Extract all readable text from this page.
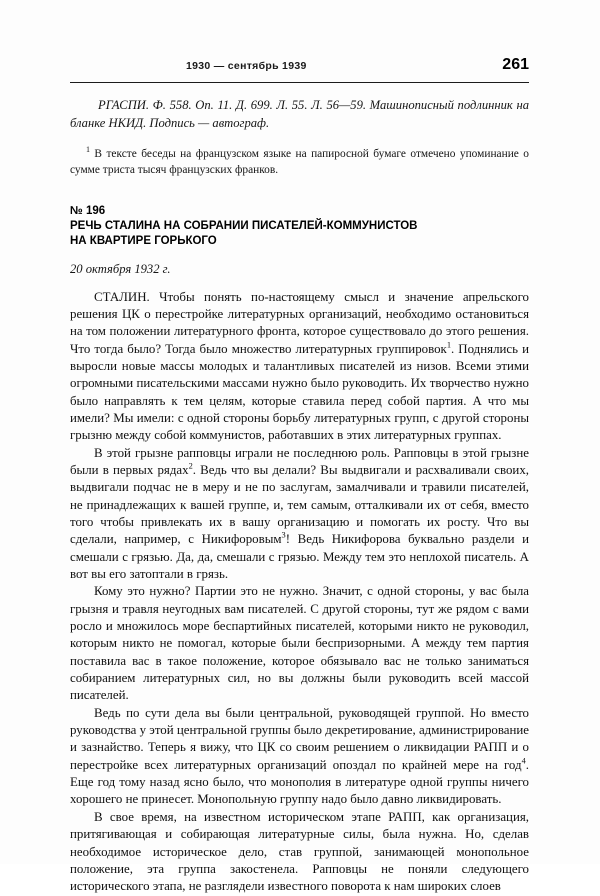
1930 — сентябрь 1939	261

РГАСПИ. Ф. 558. Оп. 11. Д. 699. Л. 55. Л. 56—59. Машинописный подлинник на бланке НКИД. Подпись — автограф.

$^1$ В тексте беседы на французском языке на папиросной бумаге отмечено упоминание о сумме триста тысяч французских франков.

№ 196
РЕЧЬ СТАЛИНА НА СОБРАНИИ ПИСАТЕЛЕЙ-КОММУНИСТОВ
НА КВАРТИРЕ ГОРЬКОГО
20 октября 1932 г.

СТАЛИН. Чтобы понять по-настоящему смысл и значение апрельского решения ЦК о перестройке литературных организаций, необходимо остановиться на том положении литературного фронта, которое существовало до этого решения. Что тогда было? Тогда было множество литературных группировок$^1$. Поднялись и выросли новые массы молодых и талантливых писателей из низов. Всеми этими огромными писательскими массами нужно было руководить. Их творчество нужно было направлять к тем целям, которые ставила перед собой партия. А что мы имели? Мы имели: с одной стороны борьбу литературных групп, с другой стороны грызню между собой коммунистов, работавших в этих литературных группах.

В этой грызне рапповцы играли не последнюю роль. Рапповцы в этой грызне были в первых рядах$^2$. Ведь что вы делали? Вы выдвигали и расхваливали своих, выдвигали подчас не в меру и не по заслугам, замалчивали и травили писателей, не принадлежащих к вашей группе, и, тем самым, отталкивали их от себя, вместо того чтобы привлекать их в вашу организацию и помогать их росту. Что вы сделали, например, с Никифоровым$^3$! Ведь Никифорова буквально раздели и смешали с грязью. Да, да, смешали с грязью. Между тем это неплохой писатель. А вот вы его затоптали в грязь.

Кому это нужно? Партии это не нужно. Значит, с одной стороны, у вас была грызня и травля неугодных вам писателей. С другой стороны, тут же рядом с вами росло и множилось море беспартийных писателей, которыми никто не руководил, которым никто не помогал, которые были беспризорными. А между тем партия поставила вас в такое положение, которое обязывало вас не только заниматься собиранием литературных сил, но вы должны были руководить всей массой писателей.

Ведь по сути дела вы были центральной, руководящей группой. Но вместо руководства у этой центральной группы было декретирование, администрирование и зазнайство. Теперь я вижу, что ЦК со своим решением о ликвидации РАПП и о перестройке всех литературных организаций опоздал по крайней мере на год$^4$. Еще год тому назад ясно было, что монополия в литературе одной группы ничего хорошего не принесет. Монопольную группу надо было давно ликвидировать.

В свое время, на известном историческом этапе РАПП, как организация, притягивающая и собирающая литературные силы, была нужна. Но, сделав необходимое историческое дело, став группой, занимающей монопольное положение, эта группа закостенела. Рапповцы не поняли следующего исторического этапа, не разглядели известного поворота к нам широких слоев
